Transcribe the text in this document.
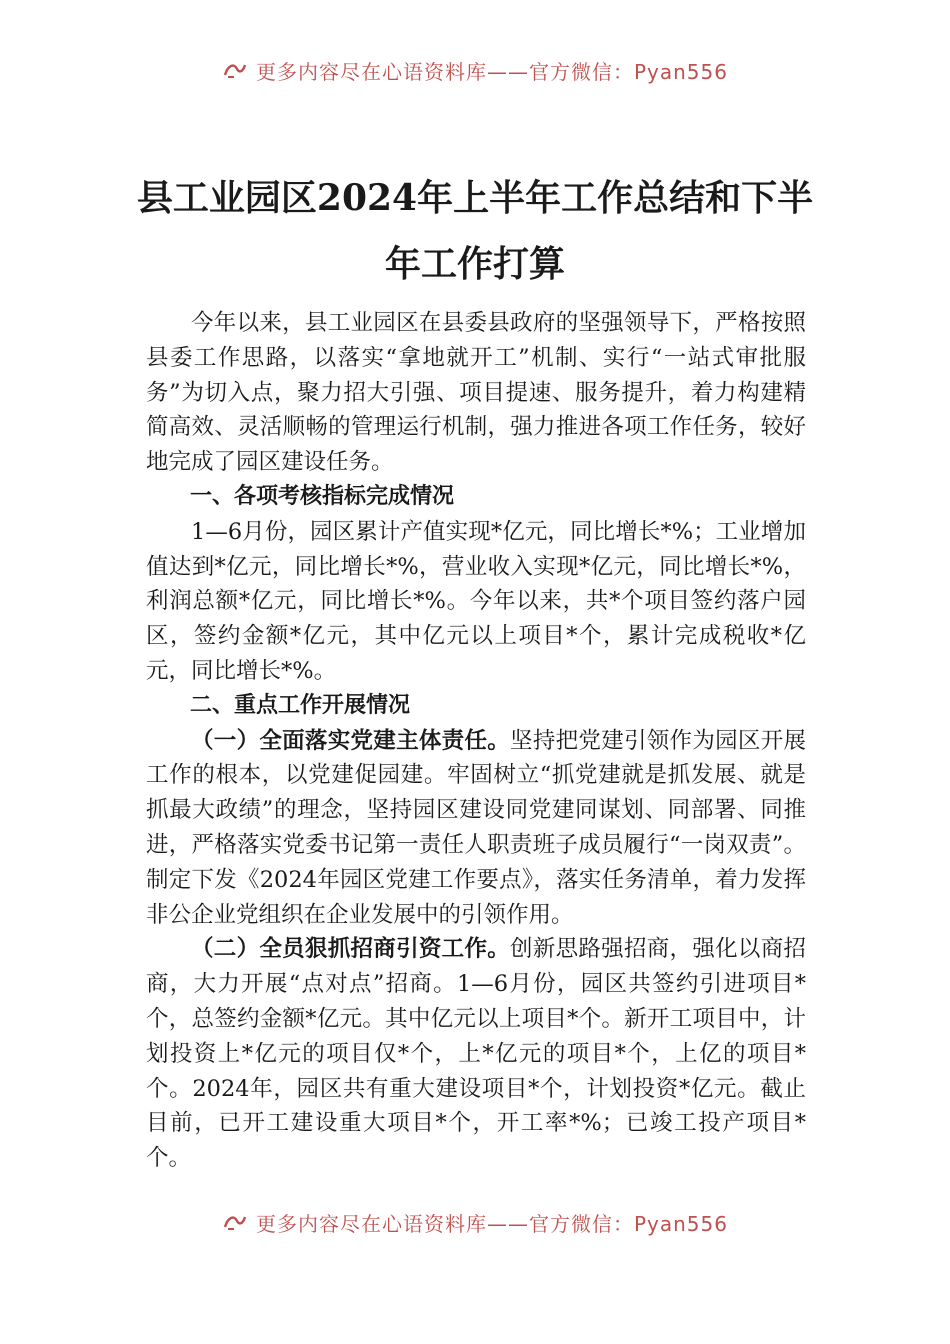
更多内容尽在心语资料库——官方微信：Pyan556
县工业园区2024年上半年工作总结和下半
年工作打算

今年以来，县工业园区在县委县政府的坚强领导下，严格按照县委工作思路，以落实“拿地就开工”机制、实行“一站式审批服务”为切入点，聚力招大引强、项目提速、服务提升，着力构建精简高效、灵活顺畅的管理运行机制，强力推进各项工作任务，较好地完成了园区建设任务。

一、各项考核指标完成情况

1—6月份，园区累计产值实现*亿元，同比增长*%；工业增加值达到*亿元，同比增长*%，营业收入实现*亿元，同比增长*%，利润总额*亿元，同比增长*%。今年以来，共*个项目签约落户园区，签约金额*亿元，其中亿元以上项目*个，累计完成税收*亿元，同比增长*%。

二、重点工作开展情况

（一）全面落实党建主体责任。坚持把党建引领作为园区开展工作的根本，以党建促园建。牢固树立“抓党建就是抓发展、就是抓最大政绩”的理念，坚持园区建设同党建同谋划、同部署、同推进，严格落实党委书记第一责任人职责班子成员履行“一岗双责”。制定下发《2024年园区党建工作要点》，落实任务清单，着力发挥非公企业党组织在企业发展中的引领作用。

（二）全员狠抓招商引资工作。创新思路强招商，强化以商招商，大力开展“点对点”招商。1—6月份，园区共签约引进项目*个，总签约金额*亿元。其中亿元以上项目*个。新开工项目中，计划投资上*亿元的项目仅*个，上*亿元的项目*个，上亿的项目*个。2024年，园区共有重大建设项目*个，计划投资*亿元。截止目前，已开工建设重大项目*个，开工率*%；已竣工投产项目*个。

更多内容尽在心语资料库——官方微信：Pyan556
